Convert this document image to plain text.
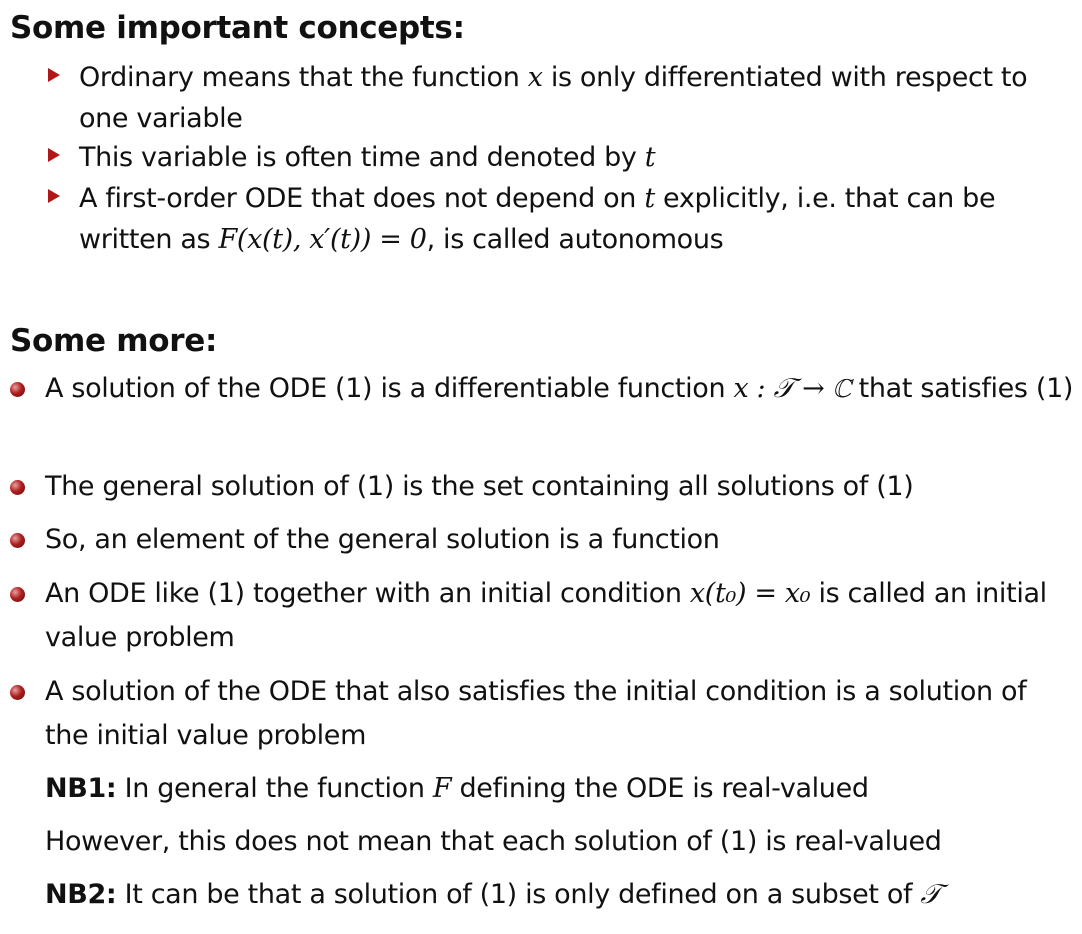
Some important concepts:
Ordinary means that the function x is only differentiated with respect to one variable
This variable is often time and denoted by t
A first-order ODE that does not depend on t explicitly, i.e. that can be written as F(x(t), x′(t)) = 0, is called autonomous
Some more:
A solution of the ODE (1) is a differentiable function x : 𝒯 → ℂ that satisfies (1)
The general solution of (1) is the set containing all solutions of (1)
So, an element of the general solution is a function
An ODE like (1) together with an initial condition x(t₀) = x₀ is called an initial value problem
A solution of the ODE that also satisfies the initial condition is a solution of the initial value problem
NB1: In general the function F defining the ODE is real-valued
However, this does not mean that each solution of (1) is real-valued
NB2: It can be that a solution of (1) is only defined on a subset of 𝒯
